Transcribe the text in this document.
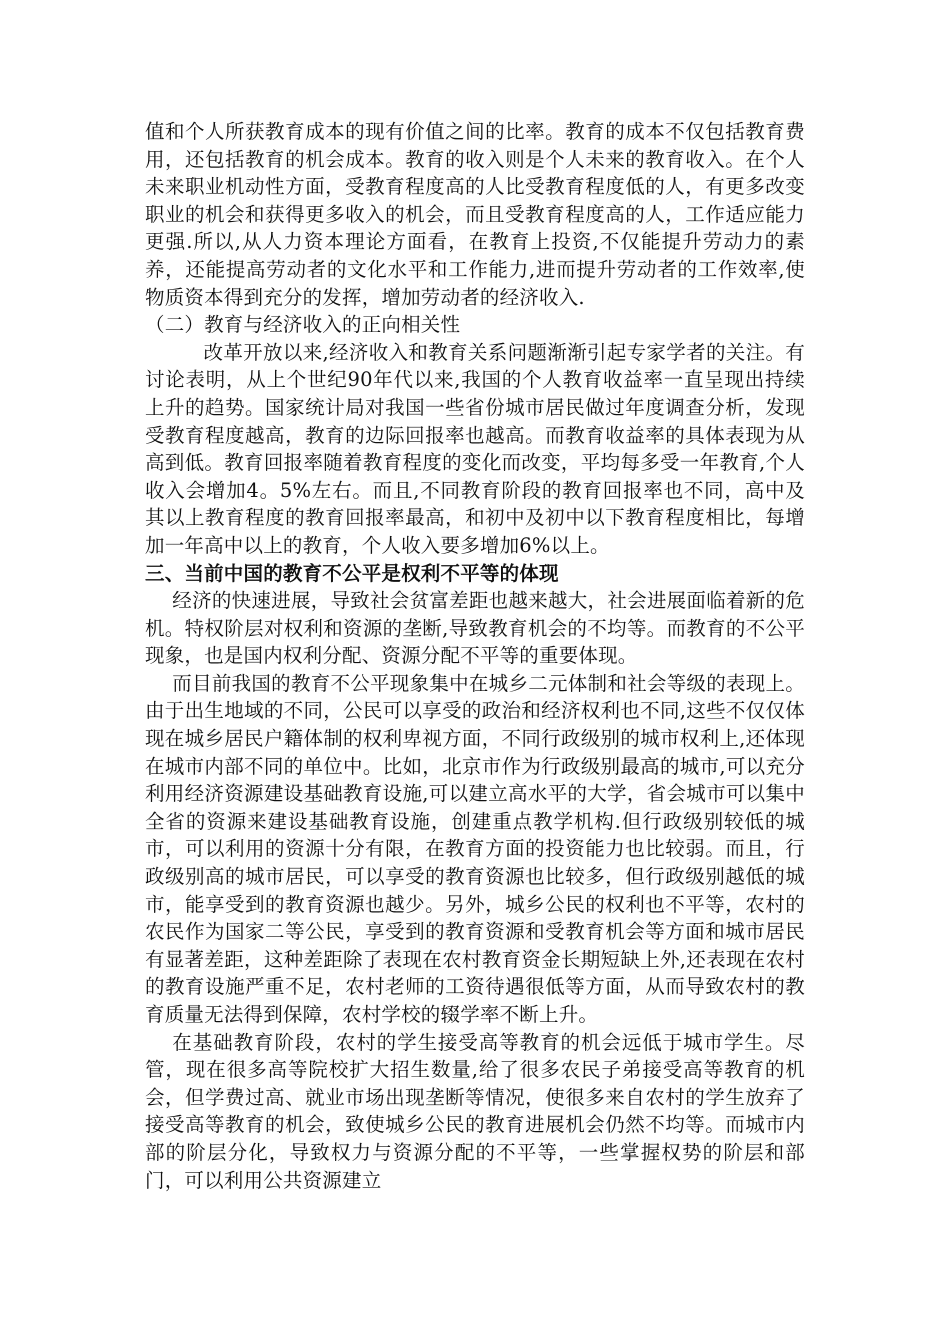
值和个人所获教育成本的现有价值之间的比率。教育的成本不仅包括教育费用，还包括教育的机会成本。教育的收入则是个人未来的教育收入。在个人未来职业机动性方面，受教育程度高的人比受教育程度低的人，有更多改变职业的机会和获得更多收入的机会，而且受教育程度高的人，工作适应能力更强.所以,从人力资本理论方面看，在教育上投资,不仅能提升劳动力的素养，还能提高劳动者的文化水平和工作能力,进而提升劳动者的工作效率,使物质资本得到充分的发挥，增加劳动者的经济收入.

（二）教育与经济收入的正向相关性

改革开放以来,经济收入和教育关系问题渐渐引起专家学者的关注。有讨论表明，从上个世纪90年代以来,我国的个人教育收益率一直呈现出持续上升的趋势。国家统计局对我国一些省份城市居民做过年度调查分析，发现受教育程度越高，教育的边际回报率也越高。而教育收益率的具体表现为从高到低。教育回报率随着教育程度的变化而改变，平均每多受一年教育,个人收入会增加4。5%左右。而且,不同教育阶段的教育回报率也不同，高中及其以上教育程度的教育回报率最高，和初中及初中以下教育程度相比，每增加一年高中以上的教育，个人收入要多增加6%以上。

三、当前中国的教育不公平是权利不平等的体现

经济的快速进展，导致社会贫富差距也越来越大，社会进展面临着新的危机。特权阶层对权利和资源的垄断,导致教育机会的不均等。而教育的不公平现象，也是国内权利分配、资源分配不平等的重要体现。

而目前我国的教育不公平现象集中在城乡二元体制和社会等级的表现上。由于出生地域的不同，公民可以享受的政治和经济权利也不同,这些不仅仅体现在城乡居民户籍体制的权利卑视方面，不同行政级别的城市权利上,还体现在城市内部不同的单位中。比如，北京市作为行政级别最高的城市,可以充分利用经济资源建设基础教育设施,可以建立高水平的大学，省会城市可以集中全省的资源来建设基础教育设施，创建重点教学机构.但行政级别较低的城市，可以利用的资源十分有限，在教育方面的投资能力也比较弱。而且，行政级别高的城市居民，可以享受的教育资源也比较多，但行政级别越低的城市，能享受到的教育资源也越少。另外，城乡公民的权利也不平等，农村的农民作为国家二等公民，享受到的教育资源和受教育机会等方面和城市居民有显著差距，这种差距除了表现在农村教育资金长期短缺上外,还表现在农村的教育设施严重不足，农村老师的工资待遇很低等方面，从而导致农村的教育质量无法得到保障，农村学校的辍学率不断上升。

在基础教育阶段，农村的学生接受高等教育的机会远低于城市学生。尽管，现在很多高等院校扩大招生数量,给了很多农民子弟接受高等教育的机会，但学费过高、就业市场出现垄断等情况，使很多来自农村的学生放弃了接受高等教育的机会，致使城乡公民的教育进展机会仍然不均等。而城市内部的阶层分化，导致权力与资源分配的不平等，一些掌握权势的阶层和部门，可以利用公共资源建立
